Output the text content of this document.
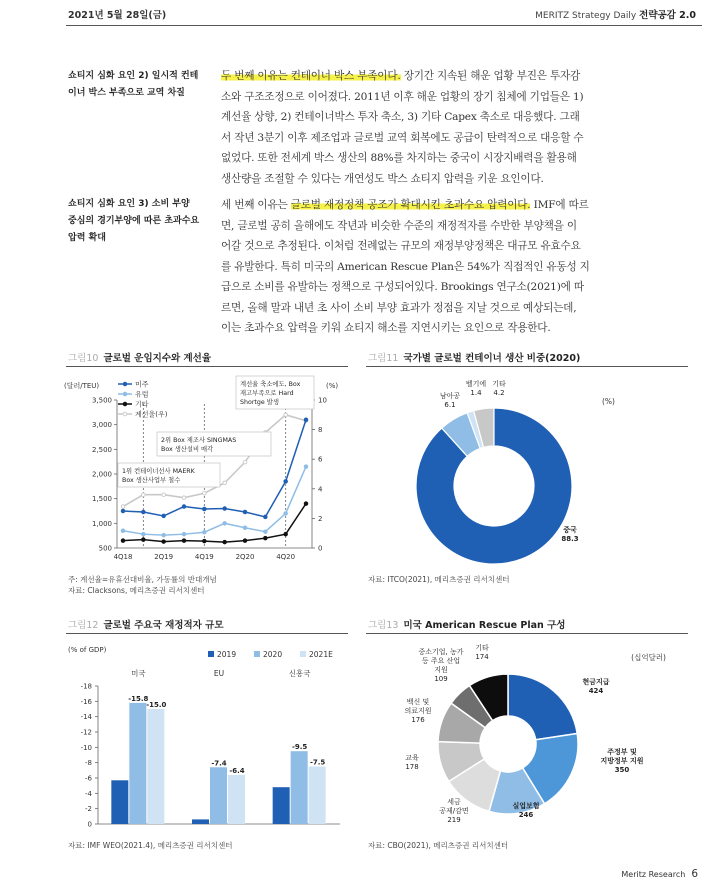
2021년 5월 28일(금)	MERITZ Strategy Daily 전략공감 2.0
쇼티지 심화 요인 2) 일시적 컨테
이너 박스 부족으로 교역 차질
두 번째 이유는 컨테이너 박스 부족이다. 장기간 지속된 해운 업황 부진은 투자감
소와 구조조정으로 이어졌다. 2011년 이후 해운 업황의 장기 침체에 기업들은 1)
계선율 상향, 2) 컨테이너박스 투자 축소, 3) 기타 Capex 축소로 대응했다. 그래
서 작년 3분기 이후 제조업과 글로벌 교역 회복에도 공급이 탄력적으로 대응할 수
없었다. 또한 전세계 박스 생산의 88%를 차지하는 중국이 시장지배력을 활용해
생산량을 조절할 수 있다는 개연성도 박스 쇼티지 압력을 키운 요인이다.
쇼티지 심화 요인 3) 소비 부양
중심의 경기부양에 따른 초과수요
압력 확대
세 번째 이유는 글로벌 재정정책 공조가 확대시킨 초과수요 압력이다. IMF에 따르
면, 글로벌 공히 올해에도 작년과 비슷한 수준의 재정적자를 수반한 부양책을 이
어갈 것으로 추정된다. 이처럼 전례없는 규모의 재정부양정책은 대규모 유효수요
를 유발한다. 특히 미국의 American Rescue Plan은 54%가 직접적인 유동성 지
급으로 소비를 유발하는 정책으로 구성되어있다. Brookings 연구소(2021)에 따
르면, 올해 말과 내년 초 사이 소비 부양 효과가 정점을 지날 것으로 예상되는데,
이는 초과수요 압력을 키워 쇼티지 해소를 지연시키는 요인으로 작용한다.
그림10 글로벌 운임지수와 계선율
(달러/TEU)	(%)
500
1,000
1,500
2,000
2,500
3,000
3,500
0
2
4
6
8
10
4Q18	2Q19	4Q19	2Q20	4Q20
미주
유럽
기타
계선율(우)
1위 컨테이너선사 MAERK
Box 생산사업부 철수
2위 Box 제조사 SINGMAS
Box 생산설비 매각
계선율 축소에도, Box
재고부족으로 Hard
Shortge 발생
주: 계선율=유휴선대비율, 가동률의 반대개념
자료: Clacksons, 메리츠증권 리서치센터
그림11 국가별 글로벌 컨테이너 생산 비중(2020)
(%)
중국
88.3
남아공
6.1
벨기에
1.4
기타
4.2
자료: ITCO(2021), 메리츠증권 리서치센터
그림12 글로벌 주요국 재정적자 규모
(% of GDP)
0
-2
-4
-6
-8
-10
-12
-14
-16
-18
2019	2020	2021E
미국
-15.8
-15.0
EU
-7.4
-6.4
신흥국
-9.5
-7.5
자료: IMF WEO(2021.4), 메리츠증권 리서치센터
그림13 미국 American Rescue Plan 구성
(십억달러)
현금지급
424
주정부 및
지방정부 지원
350
실업보험
246
세금
공제/감면
219
교육
178
백신 및
의료지원
176
중소기업, 농가
등 주요 산업
지원
109
기타
174
자료: CBO(2021), 메리츠증권 리서치센터
Meritz Research 6
